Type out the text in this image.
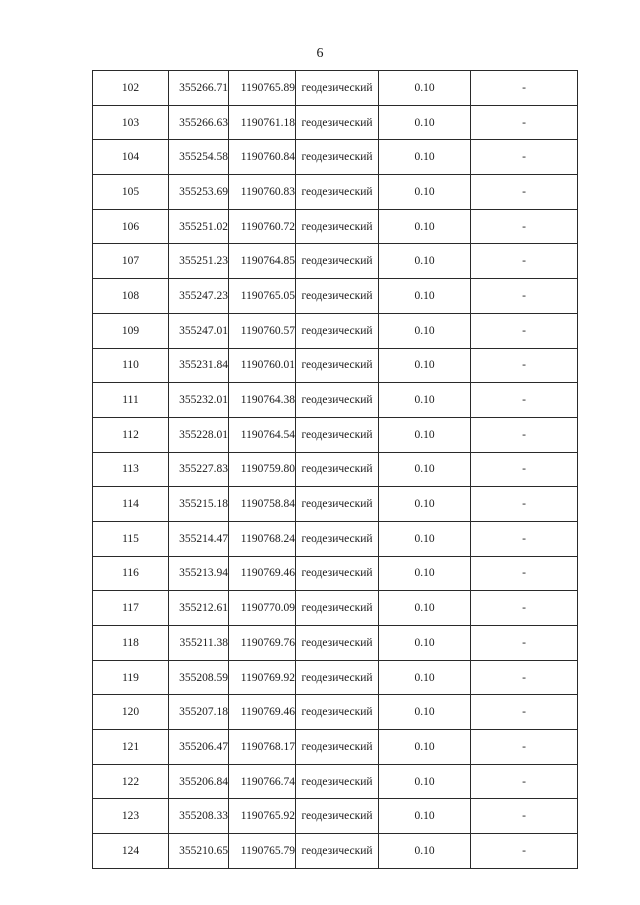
6
102	355266.71	1190765.89	геодезический	0.10	-
103	355266.63	1190761.18	геодезический	0.10	-
104	355254.58	1190760.84	геодезический	0.10	-
105	355253.69	1190760.83	геодезический	0.10	-
106	355251.02	1190760.72	геодезический	0.10	-
107	355251.23	1190764.85	геодезический	0.10	-
108	355247.23	1190765.05	геодезический	0.10	-
109	355247.01	1190760.57	геодезический	0.10	-
110	355231.84	1190760.01	геодезический	0.10	-
111	355232.01	1190764.38	геодезический	0.10	-
112	355228.01	1190764.54	геодезический	0.10	-
113	355227.83	1190759.80	геодезический	0.10	-
114	355215.18	1190758.84	геодезический	0.10	-
115	355214.47	1190768.24	геодезический	0.10	-
116	355213.94	1190769.46	геодезический	0.10	-
117	355212.61	1190770.09	геодезический	0.10	-
118	355211.38	1190769.76	геодезический	0.10	-
119	355208.59	1190769.92	геодезический	0.10	-
120	355207.18	1190769.46	геодезический	0.10	-
121	355206.47	1190768.17	геодезический	0.10	-
122	355206.84	1190766.74	геодезический	0.10	-
123	355208.33	1190765.92	геодезический	0.10	-
124	355210.65	1190765.79	геодезический	0.10	-
